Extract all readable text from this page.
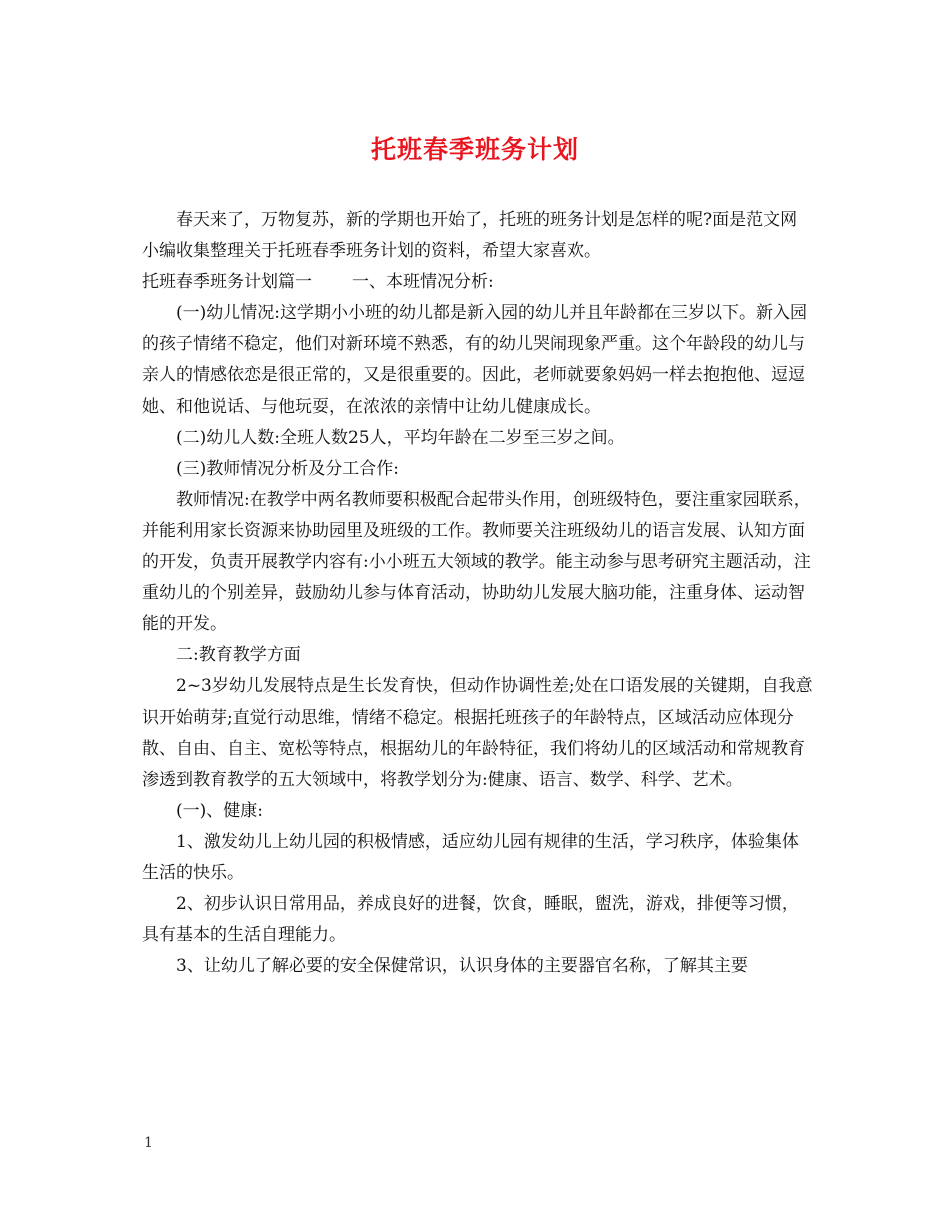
托班春季班务计划

春天来了，万物复苏，新的学期也开始了，托班的班务计划是怎样的呢?面是范文网小编收集整理关于托班春季班务计划的资料，希望大家喜欢。

托班春季班务计划篇一 一、本班情况分析:

(一)幼儿情况:这学期小小班的幼儿都是新入园的幼儿并且年龄都在三岁以下。新入园的孩子情绪不稳定，他们对新环境不熟悉，有的幼儿哭闹现象严重。这个年龄段的幼儿与亲人的情感依恋是很正常的，又是很重要的。因此，老师就要象妈妈一样去抱抱他、逗逗她、和他说话、与他玩耍，在浓浓的亲情中让幼儿健康成长。

(二)幼儿人数:全班人数25人，平均年龄在二岁至三岁之间。

(三)教师情况分析及分工合作:

教师情况:在教学中两名教师要积极配合起带头作用，创班级特色，要注重家园联系，并能利用家长资源来协助园里及班级的工作。教师要关注班级幼儿的语言发展、认知方面的开发，负责开展教学内容有:小小班五大领域的教学。能主动参与思考研究主题活动，注重幼儿的个别差异，鼓励幼儿参与体育活动，协助幼儿发展大脑功能，注重身体、运动智能的开发。

二:教育教学方面

2~3岁幼儿发展特点是生长发育快，但动作协调性差;处在口语发展的关键期，自我意识开始萌芽;直觉行动思维，情绪不稳定。根据托班孩子的年龄特点，区域活动应体现分散、自由、自主、宽松等特点，根据幼儿的年龄特征，我们将幼儿的区域活动和常规教育渗透到教育教学的五大领域中，将教学划分为:健康、语言、数学、科学、艺术。

(一)、健康:

1、激发幼儿上幼儿园的积极情感，适应幼儿园有规律的生活，学习秩序，体验集体生活的快乐。

2、初步认识日常用品，养成良好的进餐，饮食，睡眠，盥洗，游戏，排便等习惯，具有基本的生活自理能力。

3、让幼儿了解必要的安全保健常识，认识身体的主要器官名称，了解其主要

1
